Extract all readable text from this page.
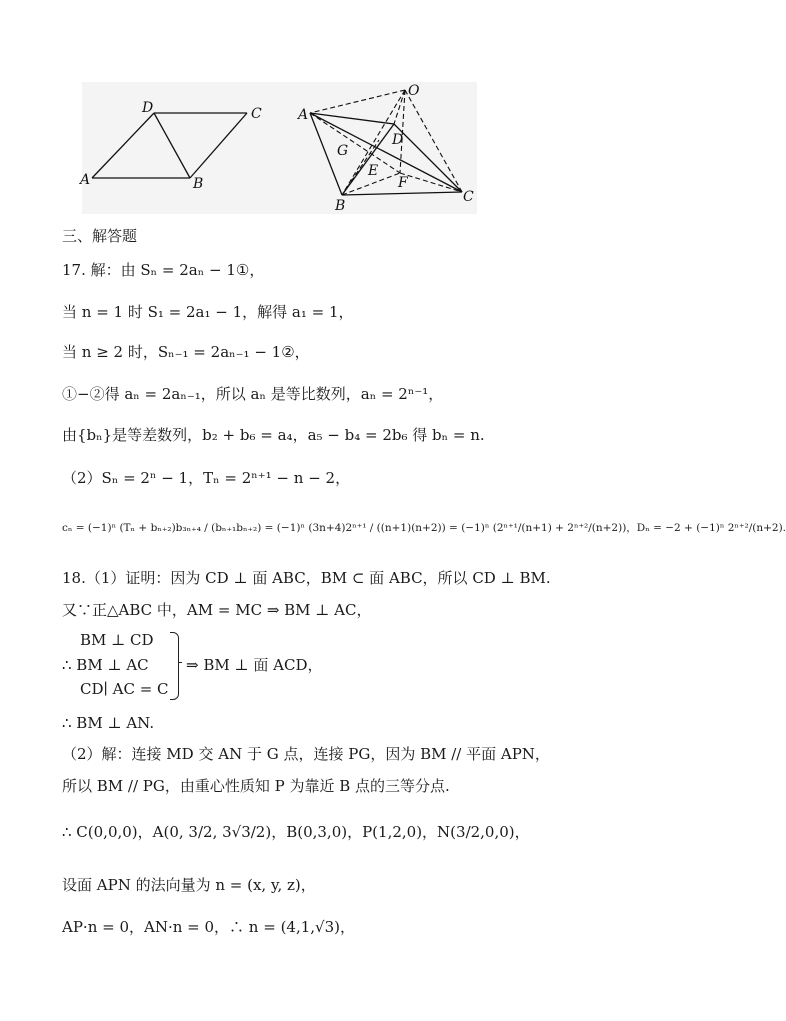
A	B
C
D	A
B
C
D
O
G
E
F
三、解答题
17. 解：由 Sₙ = 2aₙ − 1①，
当 n = 1 时 S₁ = 2a₁ − 1，解得 a₁ = 1，
当 n ≥ 2 时，Sₙ₋₁ = 2aₙ₋₁ − 1②，
①−②得 aₙ = 2aₙ₋₁，所以 aₙ 是等比数列，aₙ = 2ⁿ⁻¹，
由{bₙ}是等差数列，b₂ + b₆ = a₄，a₅ − b₄ = 2b₆ 得 bₙ = n.
（2）Sₙ = 2ⁿ − 1，Tₙ = 2ⁿ⁺¹ − n − 2，
cₙ = (−1)ⁿ (Tₙ + bₙ₊₂)b₃ₙ₊₄ / (bₙ₊₁bₙ₊₂) = (−1)ⁿ (3n+4)2ⁿ⁺¹ / ((n+1)(n+2)) = (−1)ⁿ (2ⁿ⁺¹/(n+1) + 2ⁿ⁺²/(n+2))，Dₙ = −2 + (−1)ⁿ 2ⁿ⁺²/(n+2).
18.（1）证明：因为 CD ⊥ 面 ABC，BM ⊂ 面 ABC，所以 CD ⊥ BM.
又∵正△ABC 中，AM = MC ⇒ BM ⊥ AC，
BM ⊥ CD
∴ BM ⊥ AC
CD∣ AC = C
⇒ BM ⊥ 面 ACD，
∴ BM ⊥ AN.
（2）解：连接 MD 交 AN 于 G 点，连接 PG，因为 BM // 平面 APN，
所以 BM // PG，由重心性质知 P 为靠近 B 点的三等分点.
∴ C(0,0,0)，A(0, 3/2, 3√3/2)，B(0,3,0)，P(1,2,0)，N(3/2,0,0)，
设面 APN 的法向量为 n = (x, y, z)，
AP·n = 0，AN·n = 0，∴ n = (4,1,√3)，
